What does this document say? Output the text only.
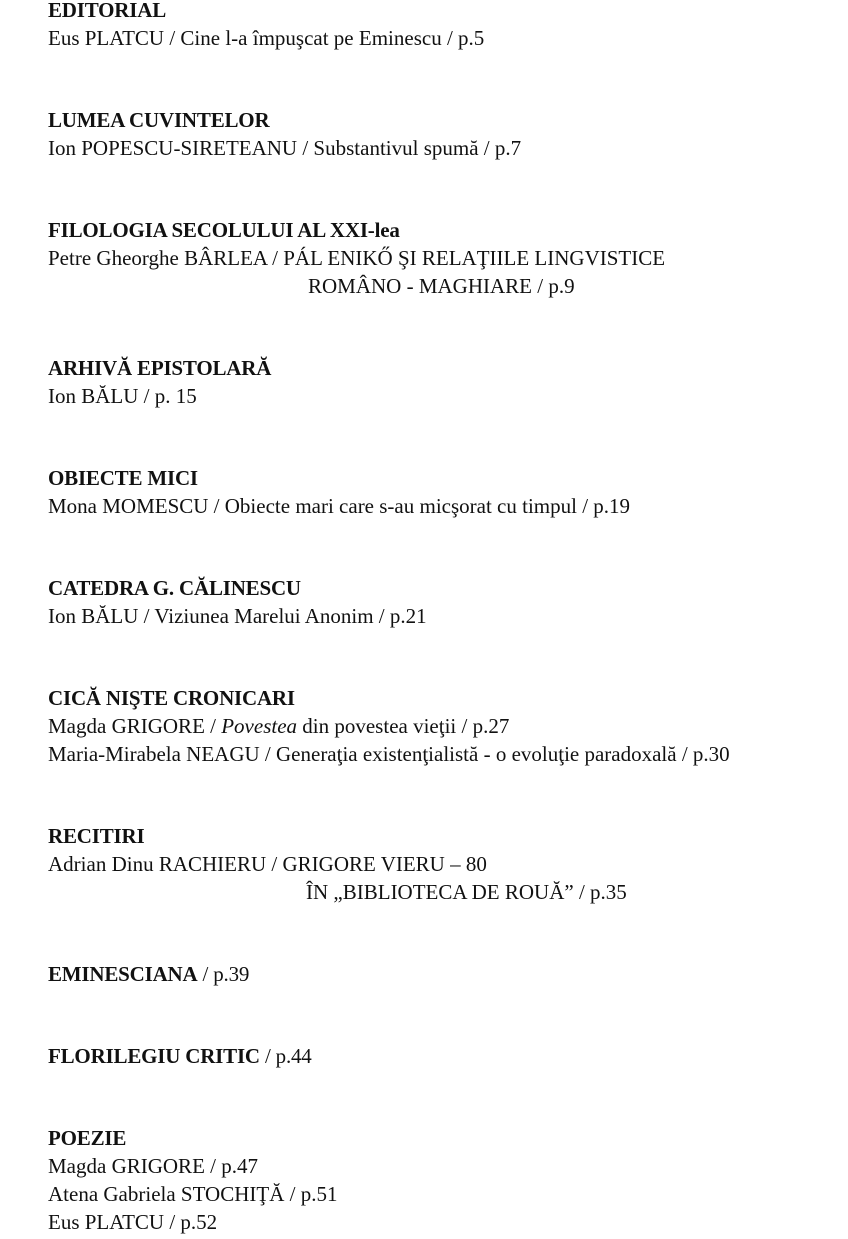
EDITORIAL
Eus PLATCU / Cine l-a împuşcat pe Eminescu / p.5
LUMEA CUVINTELOR
Ion POPESCU-SIRETEANU / Substantivul spumă / p.7
FILOLOGIA SECOLULUI AL XXI-lea
Petre Gheorghe BÂRLEA / PÁL ENIKŐ ŞI RELAŢIILE LINGVISTICE
ROMÂNO - MAGHIARE / p.9
ARHIVĂ EPISTOLARĂ
Ion BĂLU / p. 15
OBIECTE MICI
Mona MOMESCU / Obiecte mari care s-au micşorat cu timpul / p.19
CATEDRA G. CĂLINESCU
Ion BĂLU / Viziunea Marelui Anonim / p.21
CICĂ NIŞTE CRONICARI
Magda GRIGORE / Povestea din povestea vieţii / p.27
Maria-Mirabela NEAGU / Generaţia existenţialistă - o evoluţie paradoxală / p.30
RECITIRI
Adrian Dinu RACHIERU / GRIGORE VIERU – 80
ÎN „BIBLIOTECA DE ROUĂ” / p.35
EMINESCIANA / p.39
FLORILEGIU CRITIC / p.44
POEZIE
Magda GRIGORE / p.47
Atena Gabriela STOCHIŢĂ / p.51
Eus PLATCU / p.52
